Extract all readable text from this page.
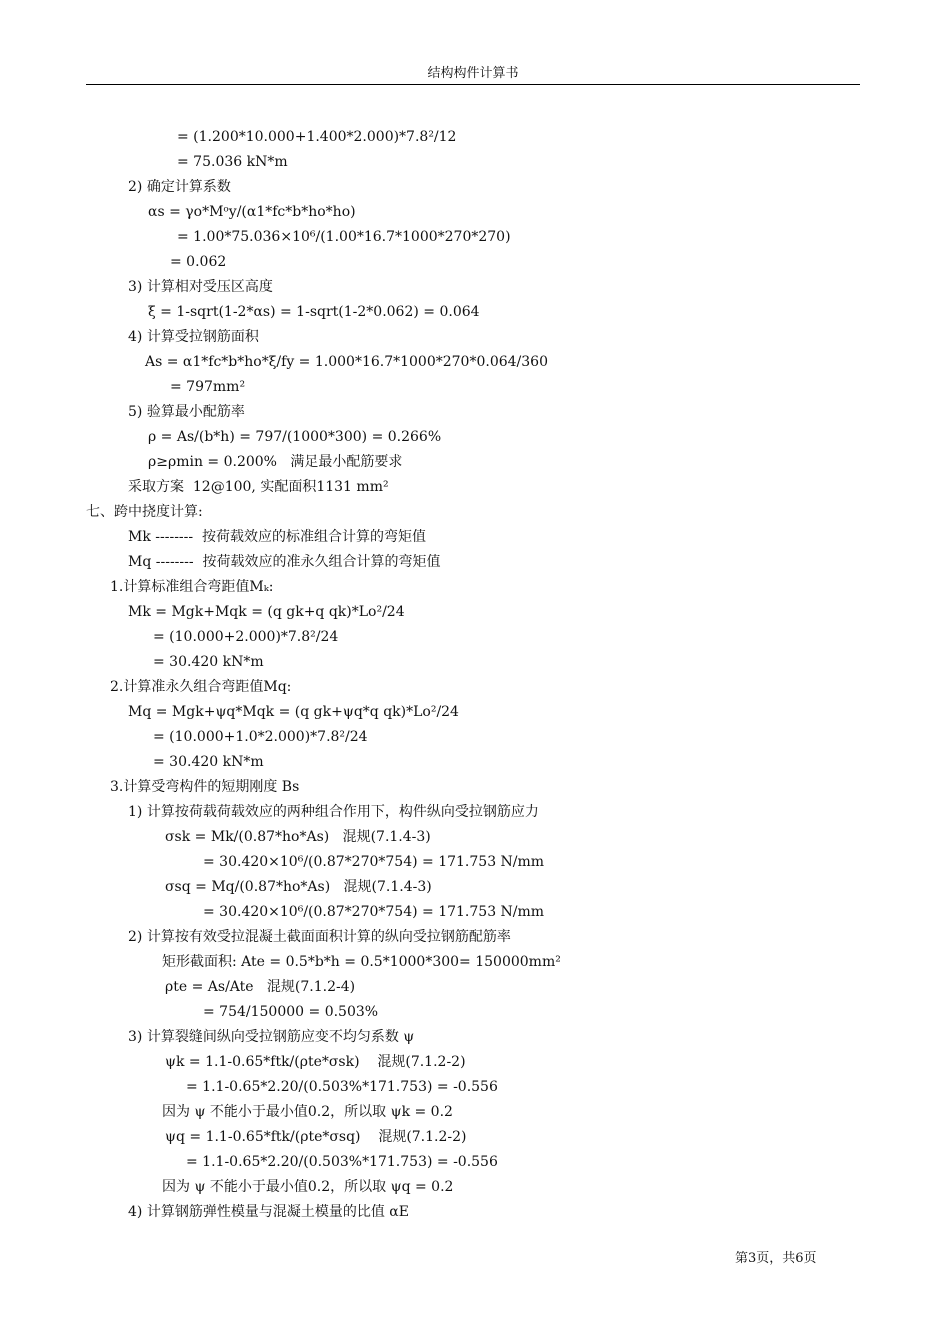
结构构件计算书
= (1.200*10.000+1.400*2.000)*7.8²/12
= 75.036 kN*m
2) 确定计算系数
αs = γo*Mᵒy/(α1*fc*b*ho*ho)
= 1.00*75.036×10⁶/(1.00*16.7*1000*270*270)
= 0.062
3) 计算相对受压区高度
ξ = 1-sqrt(1-2*αs) = 1-sqrt(1-2*0.062) = 0.064
4) 计算受拉钢筋面积
As = α1*fc*b*ho*ξ/fy = 1.000*16.7*1000*270*0.064/360
= 797mm²
5) 验算最小配筋率
ρ = As/(b*h) = 797/(1000*300) = 0.266%
ρ≥ρmin = 0.200%   满足最小配筋要求
采取方案  12@100, 实配面积1131 mm²
七、跨中挠度计算:
Mk --------  按荷载效应的标准组合计算的弯矩值
Mq --------  按荷载效应的准永久组合计算的弯矩值
1.计算标准组合弯距值Mₖ:
Mk = Mgk+Mqk = (q gk+q qk)*Lo²/24
= (10.000+2.000)*7.8²/24
= 30.420 kN*m
2.计算准永久组合弯距值Mq:
Mq = Mgk+ψq*Mqk = (q gk+ψq*q qk)*Lo²/24
= (10.000+1.0*2.000)*7.8²/24
= 30.420 kN*m
3.计算受弯构件的短期刚度 Bs
1) 计算按荷载荷载效应的两种组合作用下，构件纵向受拉钢筋应力
σsk = Mk/(0.87*ho*As)   混规(7.1.4-3)
= 30.420×10⁶/(0.87*270*754) = 171.753 N/mm
σsq = Mq/(0.87*ho*As)   混规(7.1.4-3)
= 30.420×10⁶/(0.87*270*754) = 171.753 N/mm
2) 计算按有效受拉混凝土截面面积计算的纵向受拉钢筋配筋率
矩形截面积: Ate = 0.5*b*h = 0.5*1000*300= 150000mm²
ρte = As/Ate   混规(7.1.2-4)
= 754/150000 = 0.503%
3) 计算裂缝间纵向受拉钢筋应变不均匀系数 ψ
ψk = 1.1-0.65*ftk/(ρte*σsk)    混规(7.1.2-2)
= 1.1-0.65*2.20/(0.503%*171.753) = -0.556
因为 ψ 不能小于最小值0.2，所以取 ψk = 0.2
ψq = 1.1-0.65*ftk/(ρte*σsq)    混规(7.1.2-2)
= 1.1-0.65*2.20/(0.503%*171.753) = -0.556
因为 ψ 不能小于最小值0.2，所以取 ψq = 0.2
4) 计算钢筋弹性模量与混凝土模量的比值 αE
第3页，共6页
